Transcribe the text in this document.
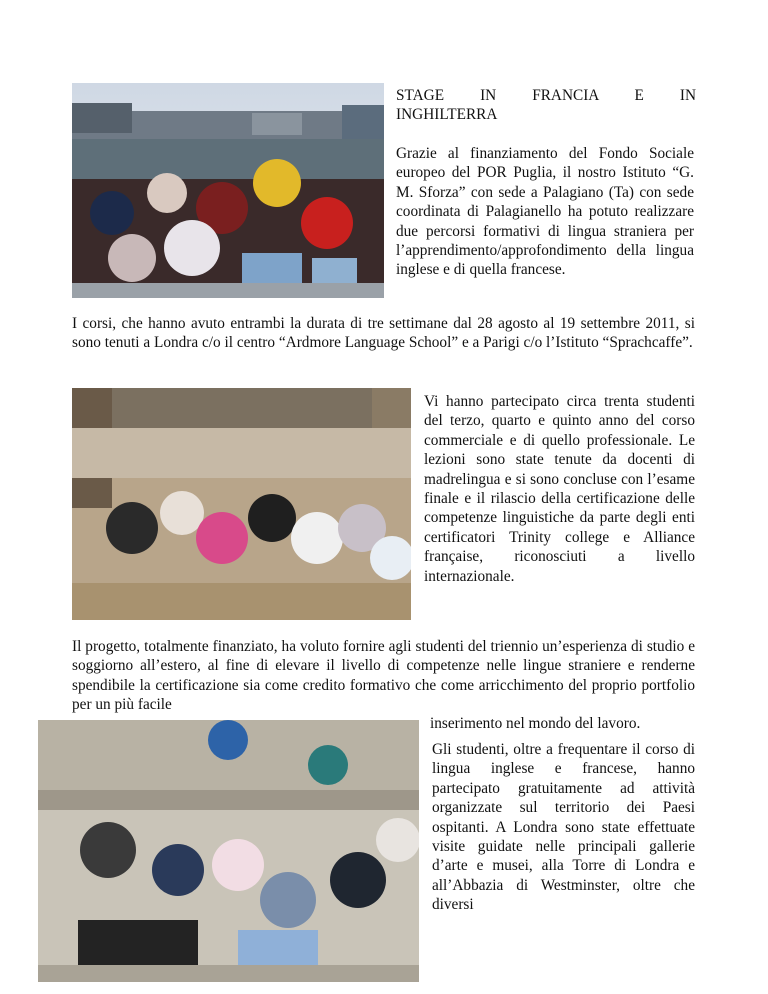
STAGE IN FRANCIA E IN
INGHILTERRA

Grazie al finanziamento del Fondo Sociale europeo del POR Puglia, il nostro Istituto “G. M. Sforza” con sede a Palagiano (Ta) con sede coordinata di Palagianello ha potuto realizzare due percorsi formativi di lingua straniera per l’apprendimento/approfondimento della lingua inglese e di quella francese.

I corsi, che hanno avuto entrambi la durata di tre settimane dal 28 agosto al 19 settembre 2011, si sono tenuti a Londra c/o il centro “Ardmore Language School” e a Parigi c/o l’Istituto “Sprachcaffe”.

Vi hanno partecipato circa trenta studenti del terzo, quarto e quinto anno del corso commerciale e di quello professionale. Le lezioni sono state tenute da docenti di madrelingua e si sono concluse con l’esame finale e il rilascio della certificazione delle competenze linguistiche da parte degli enti certificatori Trinity college e Alliance française, riconosciuti a livello internazionale.

Il progetto, totalmente finanziato, ha voluto fornire agli studenti del triennio un’esperienza di studio e soggiorno all’estero, al fine di elevare il livello di competenze nelle lingue straniere e renderne spendibile la certificazione sia come credito formativo che come arricchimento del proprio portfolio per un più facile

inserimento nel mondo del lavoro.

Gli studenti, oltre a frequentare il corso di lingua inglese e francese, hanno partecipato gratuitamente ad attività organizzate sul territorio dei Paesi ospitanti. A Londra sono state effettuate visite guidate nelle principali gallerie d’arte e musei, alla Torre di Londra e all’Abbazia di Westminster, oltre che diversi
